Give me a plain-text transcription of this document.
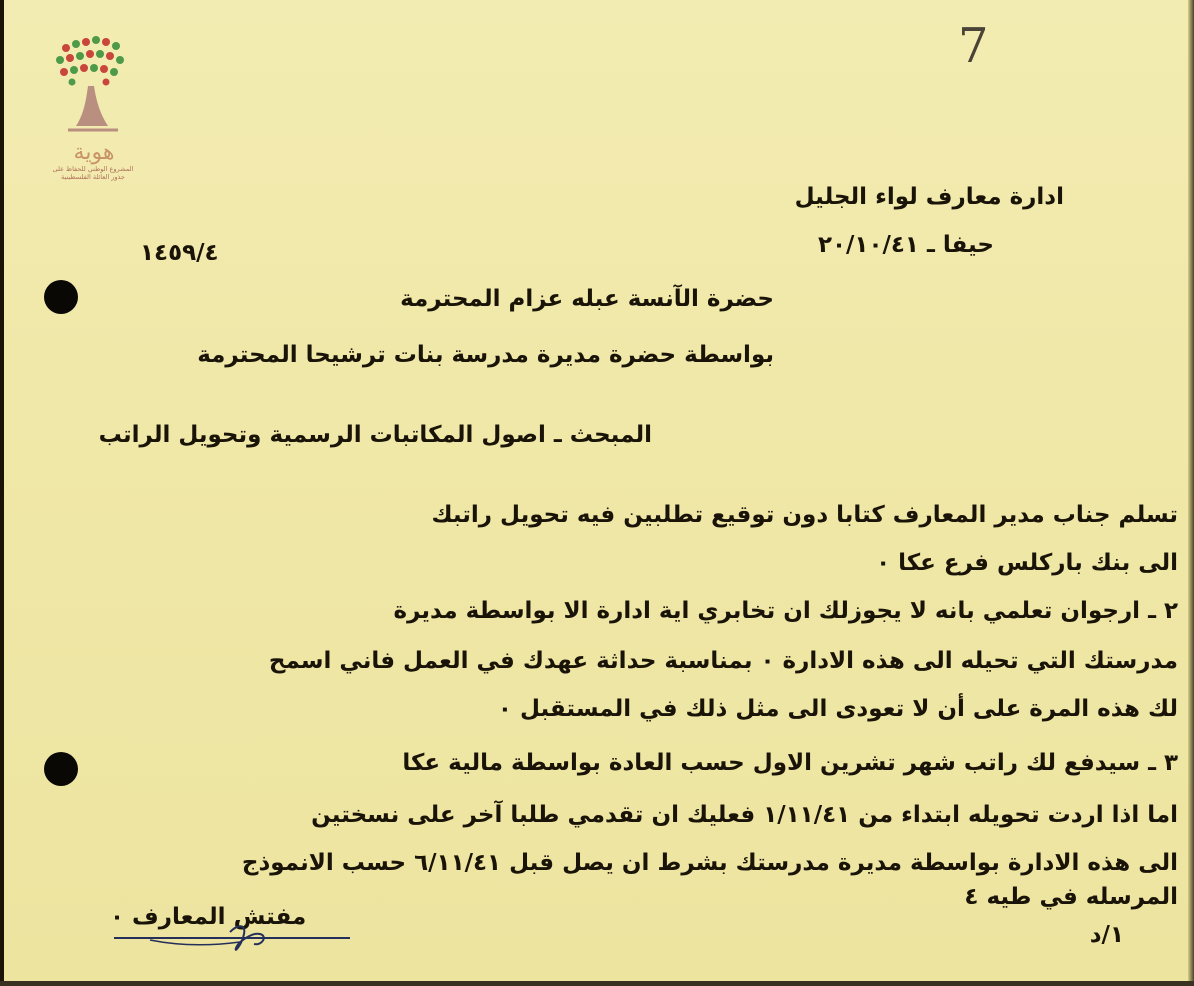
هوية
المشروع الوطني للحفاظ على
جذور العائلة الفلسطينية
7
ادارة معارف لواء الجليل
حيفا ـ ٢٠/١٠/٤١
١٤٥٩/٤
حضرة الآنسة عبله عزام المحترمة
بواسطة حضرة مديرة مدرسة بنات ترشيحا المحترمة
المبحث ـ اصول المكاتبات الرسمية وتحويل الراتب
تسلم جناب مدير المعارف كتابا دون توقيع تطلبين فيه تحويل راتبك
الى بنك باركلس فرع عكا ٠
٢ ـ ارجوان تعلمي بانه لا يجوزلك ان تخابري اية ادارة الا بواسطة مديرة
مدرستك التي تحيله الى هذه الادارة ٠ بمناسبة حداثة عهدك في العمل فاني اسمح
لك هذه المرة على أن لا تعودى الى مثل ذلك في المستقبل ٠
٣ ـ سيدفع لك راتب شهر تشرين الاول حسب العادة بواسطة مالية عكا
اما اذا اردت تحويله ابتداء من ١/١١/٤١ فعليك ان تقدمي طلبا آخر على نسختين
الى هذه الادارة بواسطة مديرة مدرستك بشرط ان يصل قبل ٦/١١/٤١ حسب الانموذج
المرسله في طيه ٤
مفتش المعارف ٠
١/د
